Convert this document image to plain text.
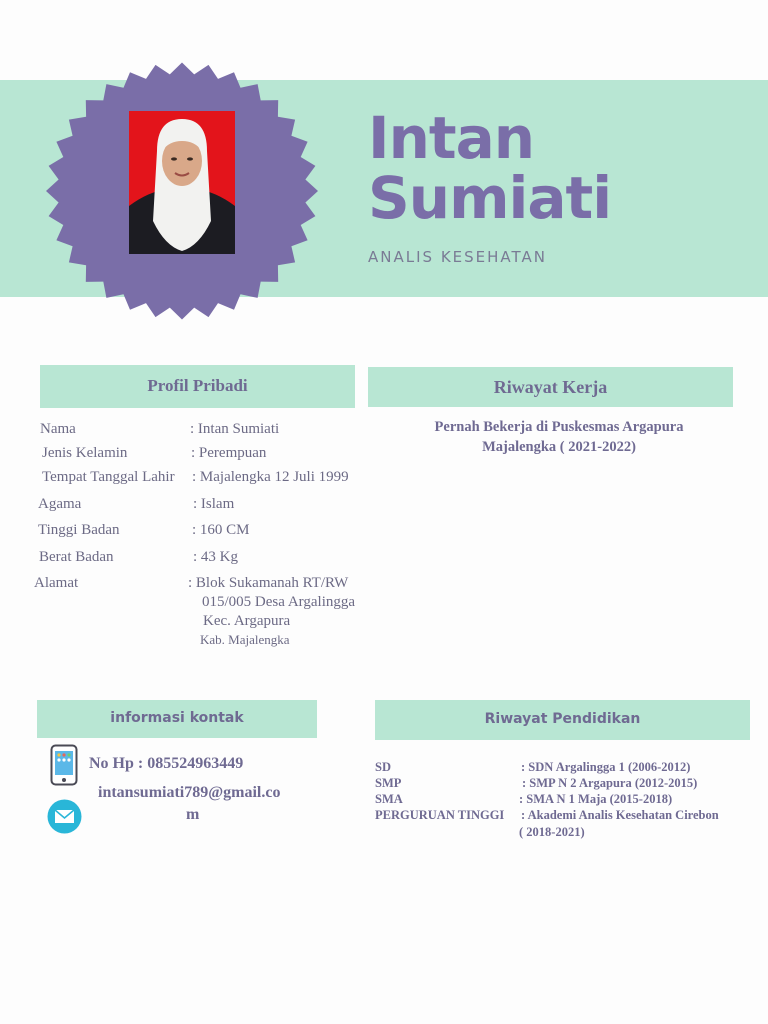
Intan
Sumiati
ANALIS KESEHATAN
Profil Pribadi
Nama	: Intan Sumiati
Jenis Kelamin	: Perempuan
Tempat Tanggal Lahir : Majalengka 12 Juli 1999
Agama	: Islam
Tinggi Badan	: 160 CM
Berat Badan	: 43 Kg
Alamat	: Blok Sukamanah RT/RW
015/005 Desa Argalingga
Kec. Argapura
Kab. Majalengka
Riwayat Kerja
Pernah Bekerja di Puskesmas Argapura
Majalengka ( 2021-2022)
informasi kontak
No Hp : 085524963449
intansumiati789@gmail.co
m
Riwayat Pendidikan
SD	: SDN Argalingga 1 (2006-2012)
SMP	: SMP N 2 Argapura (2012-2015)
SMA	: SMA N 1 Maja (2015-2018)
PERGURUAN TINGGI : Akademi Analis Kesehatan Cirebon
( 2018-2021)
